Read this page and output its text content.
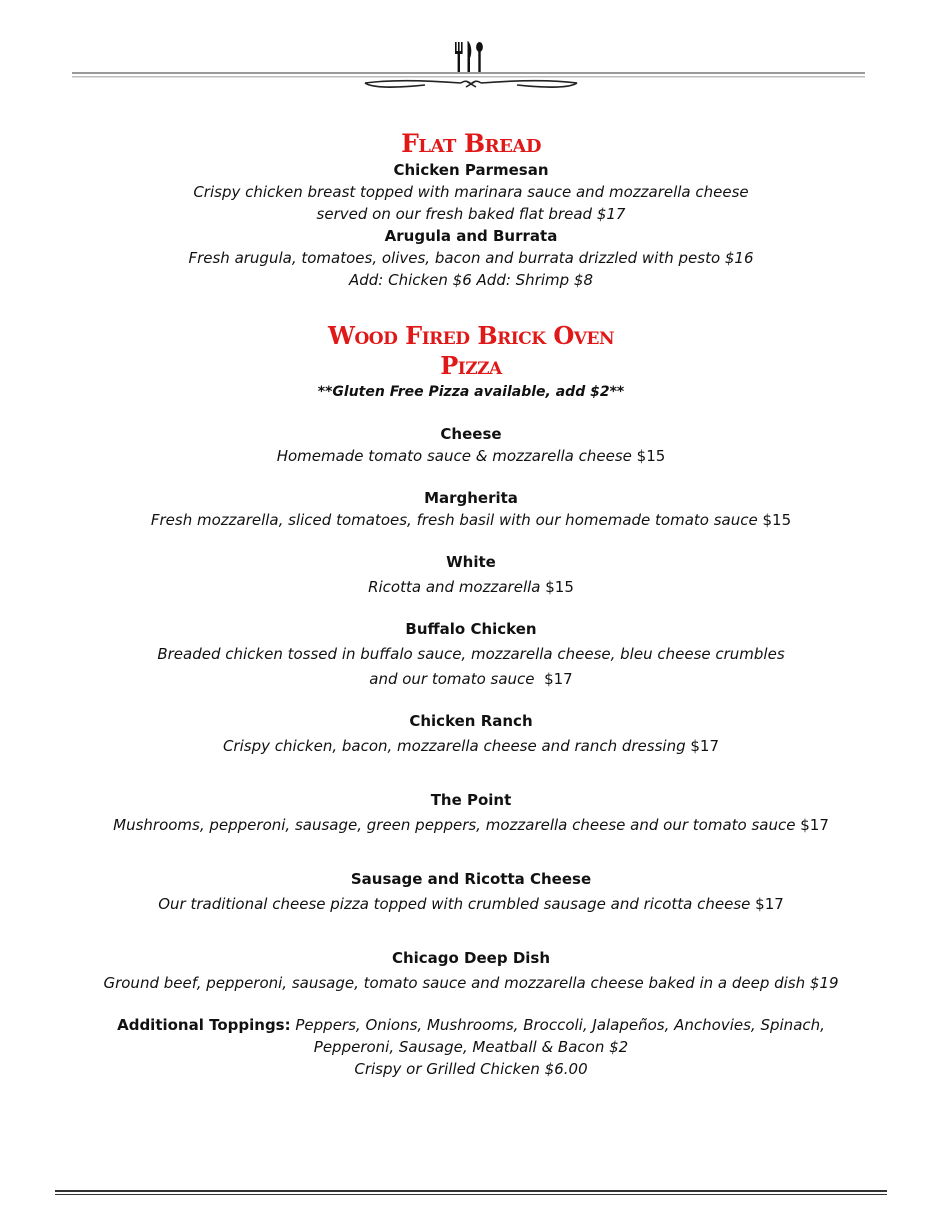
Flat Bread

Chicken Parmesan

Crispy chicken breast topped with marinara sauce and mozzarella cheese

served on our fresh baked flat bread $17

Arugula and Burrata

Fresh arugula, tomatoes, olives, bacon and burrata drizzled with pesto $16

Add: Chicken $6 Add: Shrimp $8

Wood Fired Brick Oven
Pizza

**Gluten Free Pizza available, add $2**

Cheese

Homemade tomato sauce & mozzarella cheese $15

Margherita

Fresh mozzarella, sliced tomatoes, fresh basil with our homemade tomato sauce $15

White

Ricotta and mozzarella $15

Buffalo Chicken

Breaded chicken tossed in buffalo sauce, mozzarella cheese, bleu cheese crumbles

and our tomato sauce $17

Chicken Ranch

Crispy chicken, bacon, mozzarella cheese and ranch dressing $17

The Point

Mushrooms, pepperoni, sausage, green peppers, mozzarella cheese and our tomato sauce $17

Sausage and Ricotta Cheese

Our traditional cheese pizza topped with crumbled sausage and ricotta cheese $17

Chicago Deep Dish

Ground beef, pepperoni, sausage, tomato sauce and mozzarella cheese baked in a deep dish $19

Additional Toppings: Peppers, Onions, Mushrooms, Broccoli, Jalapeños, Anchovies, Spinach,

Pepperoni, Sausage, Meatball & Bacon $2

Crispy or Grilled Chicken $6.00
